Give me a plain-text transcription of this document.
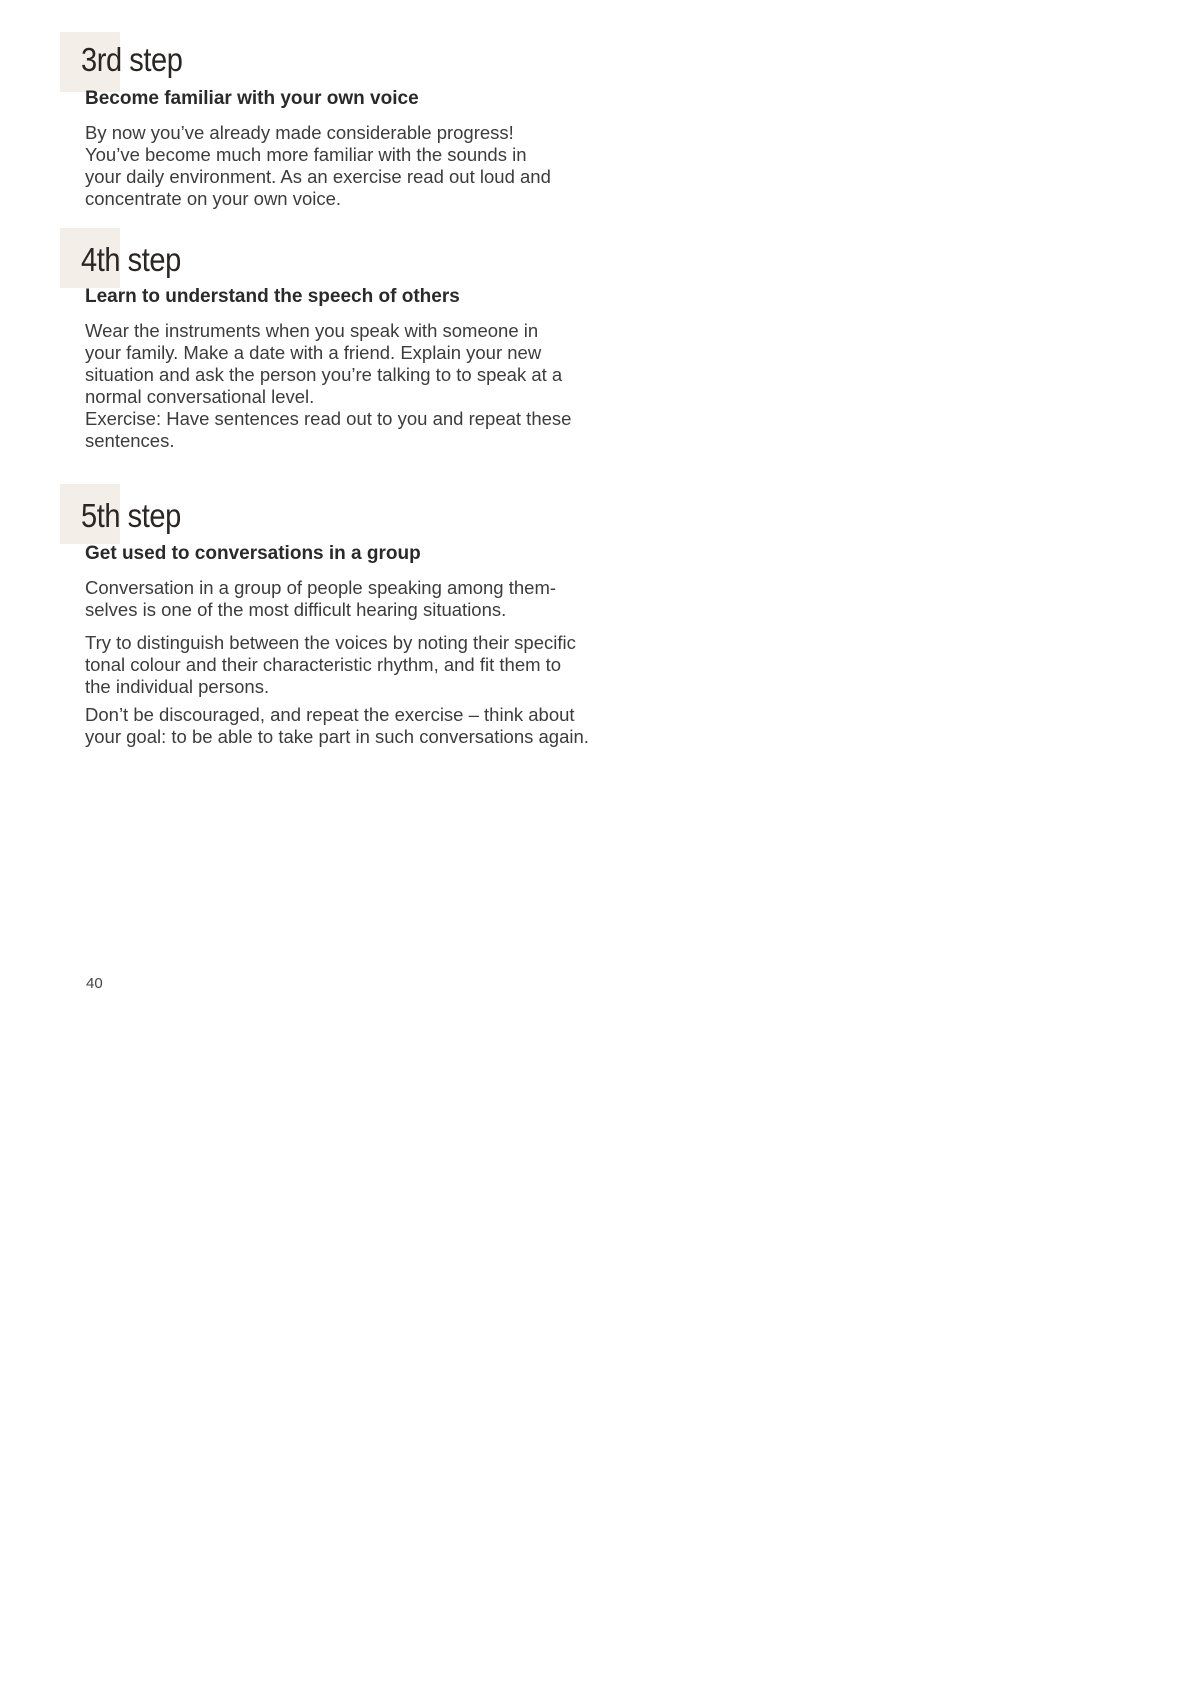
3rd step
Become familiar with your own voice

By now you’ve already made considerable progress!
You’ve become much more familiar with the sounds in
your daily environment. As an exercise read out loud and
concentrate on your own voice.

4th step
Learn to understand the speech of others

Wear the instruments when you speak with someone in
your family. Make a date with a friend. Explain your new
situation and ask the person you’re talking to to speak at a
normal conversational level.
Exercise: Have sentences read out to you and repeat these
sentences.

5th step
Get used to conversations in a group

Conversation in a group of people speaking among them-
selves is one of the most difficult hearing situations.

Try to distinguish between the voices by noting their specific
tonal colour and their characteristic rhythm, and fit them to
the individual persons.

Don’t be discouraged, and repeat the exercise – think about
your goal: to be able to take part in such conversations again.

40
